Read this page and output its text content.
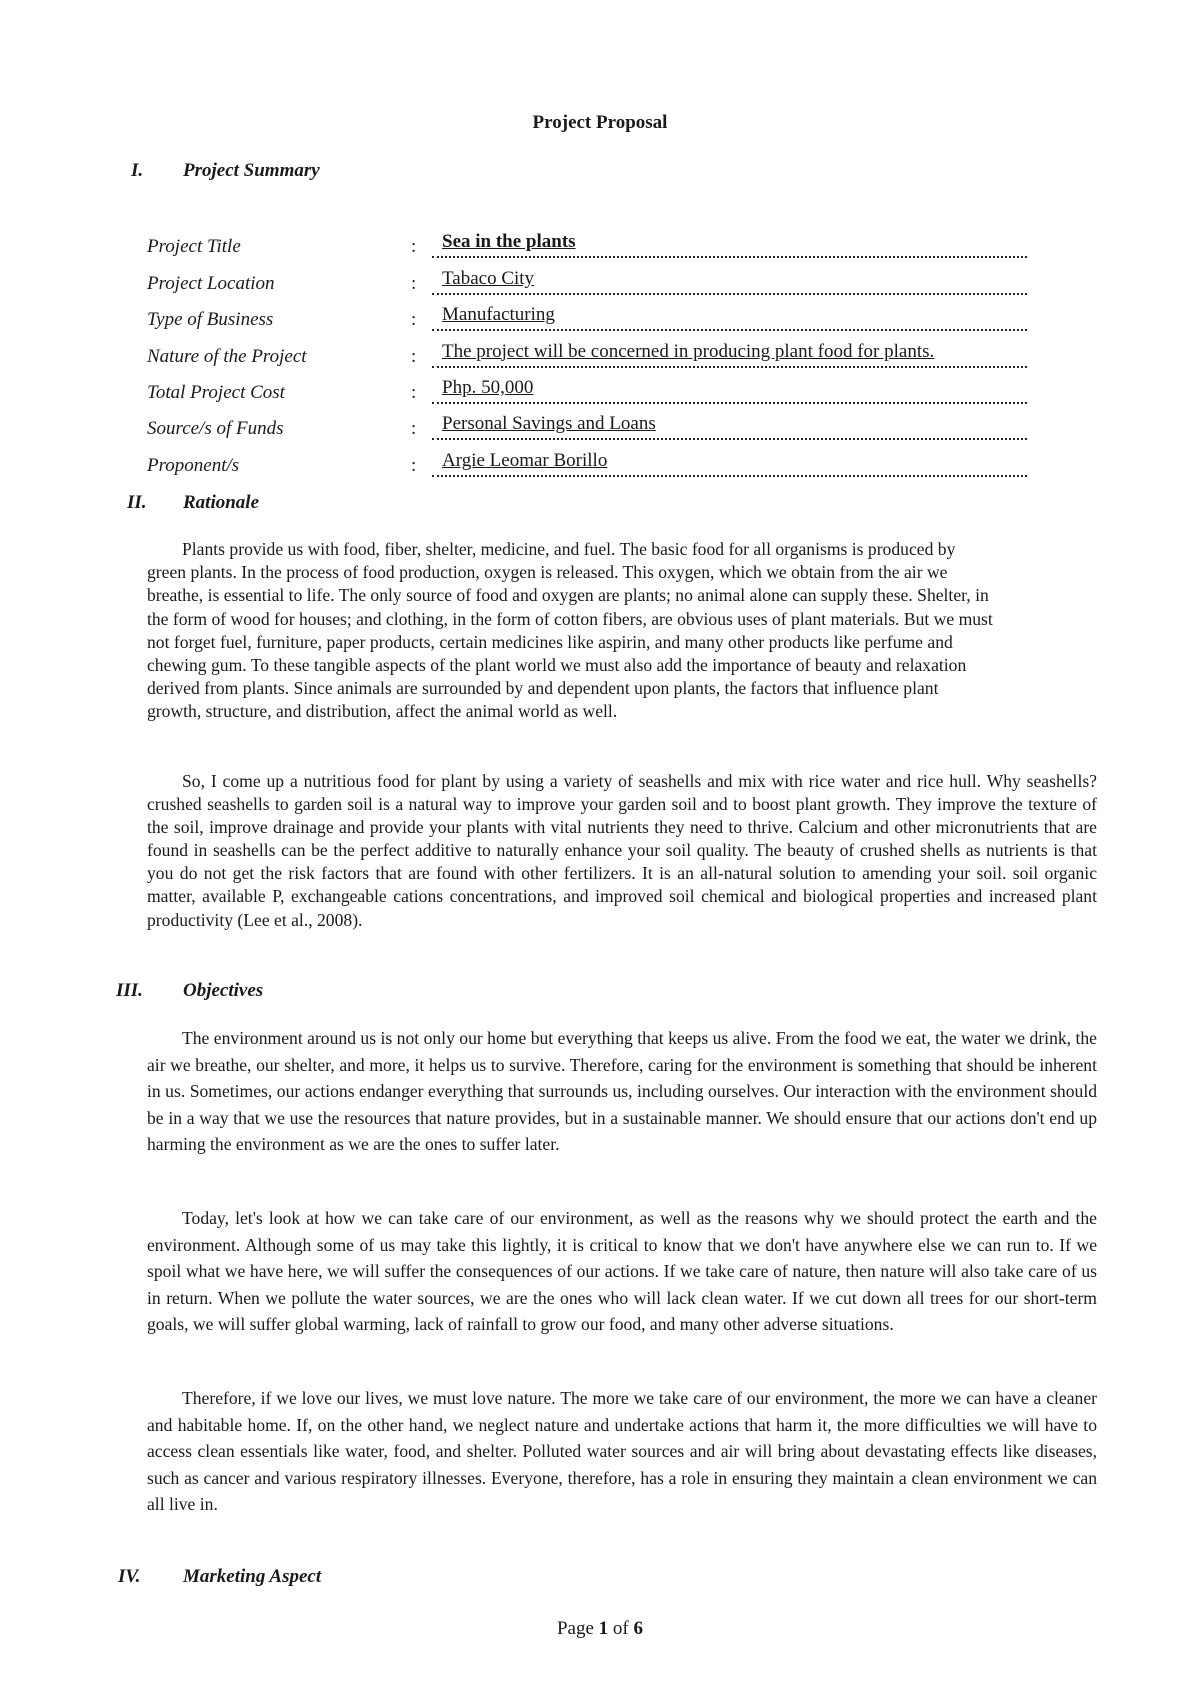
Project Proposal
I.	Project Summary
Project Title	:	Sea in the plants
Project Location	:	Tabaco City
Type of Business	:	Manufacturing
Nature of the Project	:	The project will be concerned in producing plant food for plants.
Total Project Cost	:	Php. 50,000
Source/s of Funds	:	Personal Savings and Loans
Proponent/s	:	Argie Leomar Borillo
II.	Rationale

Plants provide us with food, fiber, shelter, medicine, and fuel. The basic food for all organisms is produced by green plants. In the process of food production, oxygen is released. This oxygen, which we obtain from the air we breathe, is essential to life. The only source of food and oxygen are plants; no animal alone can supply these. Shelter, in the form of wood for houses; and clothing, in the form of cotton fibers, are obvious uses of plant materials. But we must not forget fuel, furniture, paper products, certain medicines like aspirin, and many other products like perfume and chewing gum. To these tangible aspects of the plant world we must also add the importance of beauty and relaxation derived from plants. Since animals are surrounded by and dependent upon plants, the factors that influence plant growth, structure, and distribution, affect the animal world as well.

So, I come up a nutritious food for plant by using a variety of seashells and mix with rice water and rice hull. Why seashells? crushed seashells to garden soil is a natural way to improve your garden soil and to boost plant growth. They improve the texture of the soil, improve drainage and provide your plants with vital nutrients they need to thrive. Calcium and other micronutrients that are found in seashells can be the perfect additive to naturally enhance your soil quality. The beauty of crushed shells as nutrients is that you do not get the risk factors that are found with other fertilizers. It is an all-natural solution to amending your soil. soil organic matter, available P, exchangeable cations concentrations, and improved soil chemical and biological properties and increased plant productivity (Lee et al., 2008).

III.	Objectives

The environment around us is not only our home but everything that keeps us alive. From the food we eat, the water we drink, the air we breathe, our shelter, and more, it helps us to survive. Therefore, caring for the environment is something that should be inherent in us. Sometimes, our actions endanger everything that surrounds us, including ourselves. Our interaction with the environment should be in a way that we use the resources that nature provides, but in a sustainable manner. We should ensure that our actions don't end up harming the environment as we are the ones to suffer later.

Today, let's look at how we can take care of our environment, as well as the reasons why we should protect the earth and the environment. Although some of us may take this lightly, it is critical to know that we don't have anywhere else we can run to. If we spoil what we have here, we will suffer the consequences of our actions. If we take care of nature, then nature will also take care of us in return. When we pollute the water sources, we are the ones who will lack clean water. If we cut down all trees for our short-term goals, we will suffer global warming, lack of rainfall to grow our food, and many other adverse situations.

Therefore, if we love our lives, we must love nature. The more we take care of our environment, the more we can have a cleaner and habitable home. If, on the other hand, we neglect nature and undertake actions that harm it, the more difficulties we will have to access clean essentials like water, food, and shelter. Polluted water sources and air will bring about devastating effects like diseases, such as cancer and various respiratory illnesses. Everyone, therefore, has a role in ensuring they maintain a clean environment we can all live in.

IV.	Marketing Aspect
Page 1 of 6
